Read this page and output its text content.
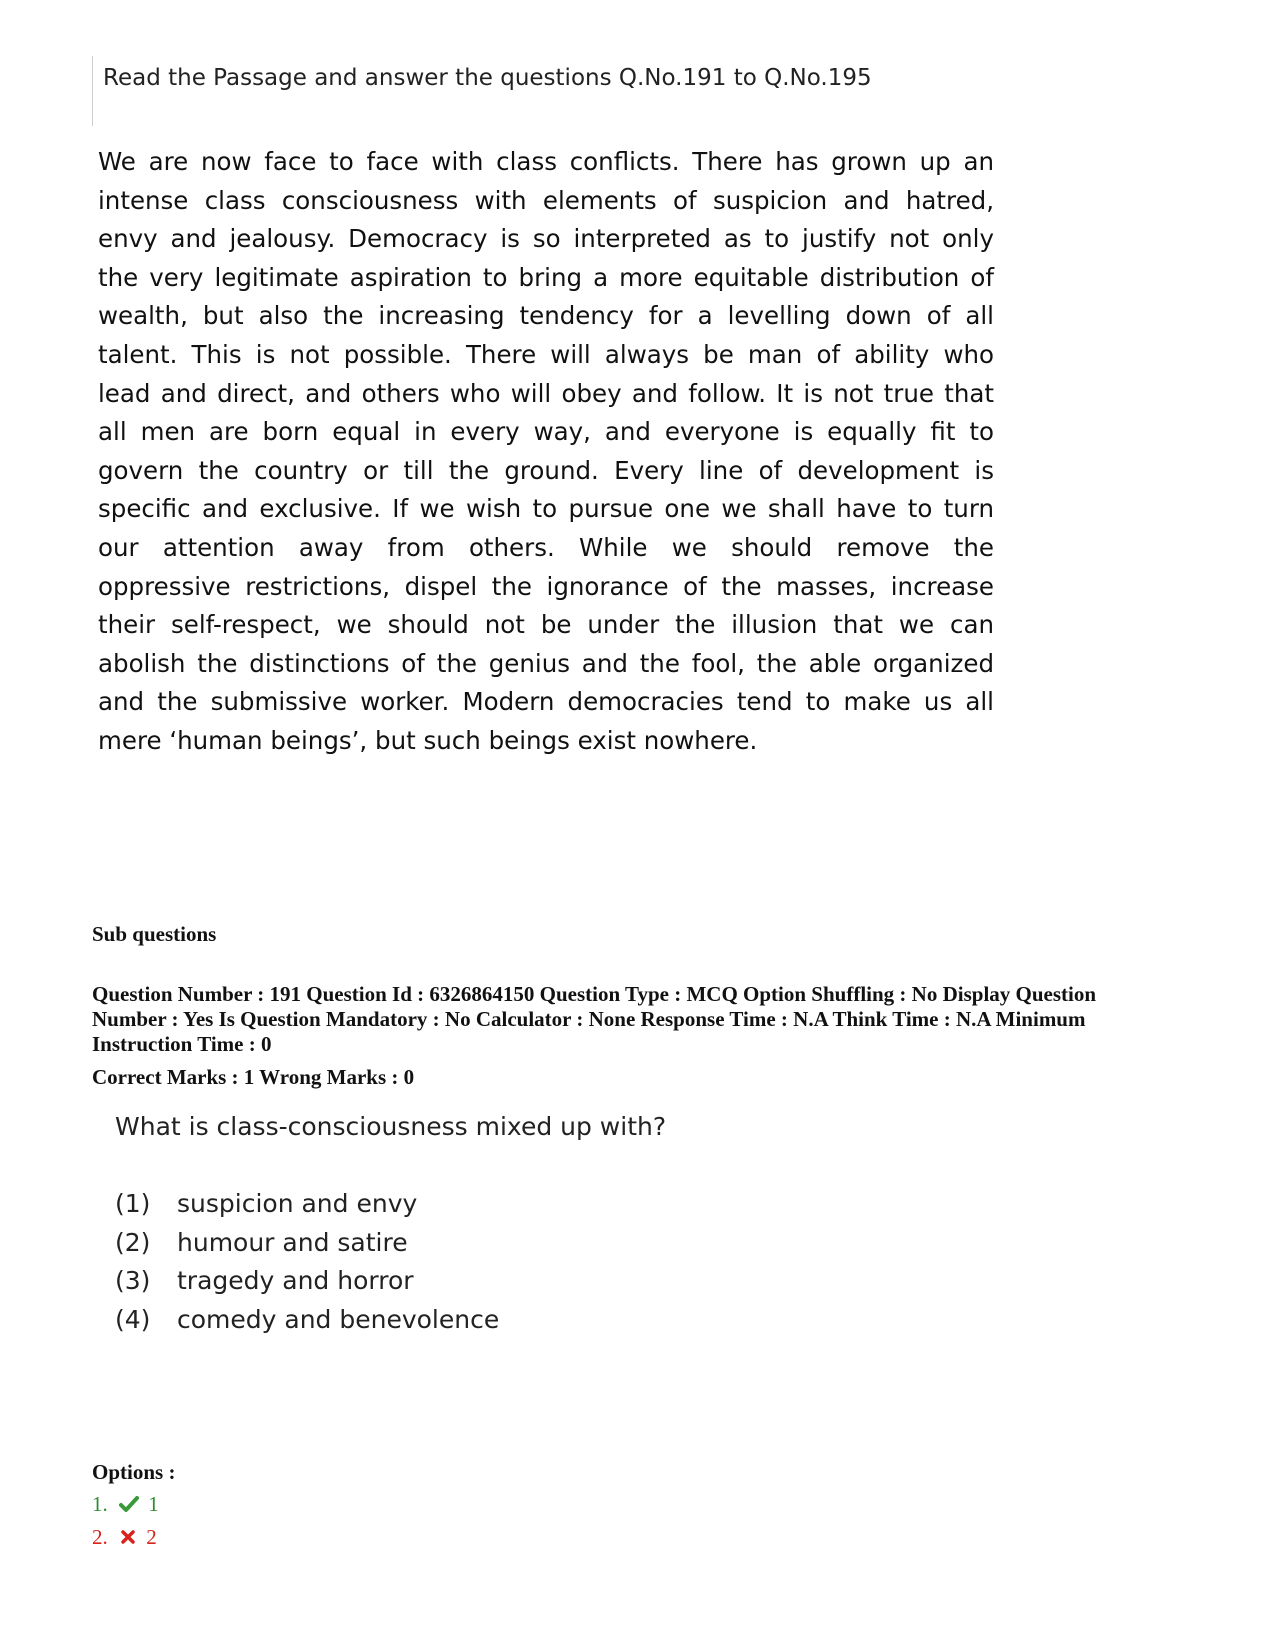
Read the Passage and answer the questions Q.No.191 to Q.No.195
We are now face to face with class conflicts. There has grown up an
intense class consciousness with elements of suspicion and hatred,
envy and jealousy. Democracy is so interpreted as to justify not only
the very legitimate aspiration to bring a more equitable distribution of
wealth, but also the increasing tendency for a levelling down of all
talent. This is not possible. There will always be man of ability who
lead and direct, and others who will obey and follow. It is not true that
all men are born equal in every way, and everyone is equally fit to
govern the country or till the ground. Every line of development is
specific and exclusive. If we wish to pursue one we shall have to turn
our attention away from others. While we should remove the
oppressive restrictions, dispel the ignorance of the masses, increase
their self-respect, we should not be under the illusion that we can
abolish the distinctions of the genius and the fool, the able organized
and the submissive worker. Modern democracies tend to make us all
mere ‘human beings’, but such beings exist nowhere.
Sub questions
Question Number : 191 Question Id : 6326864150 Question Type : MCQ Option Shuffling : No Display Question
Number : Yes Is Question Mandatory : No Calculator : None Response Time : N.A Think Time : N.A Minimum
Instruction Time : 0
Correct Marks : 1 Wrong Marks : 0
What is class-consciousness mixed up with?
(1) suspicion and envy
(2) humour and satire
(3) tragedy and horror
(4) comedy and benevolence
Options :
1. 1
2. 2
